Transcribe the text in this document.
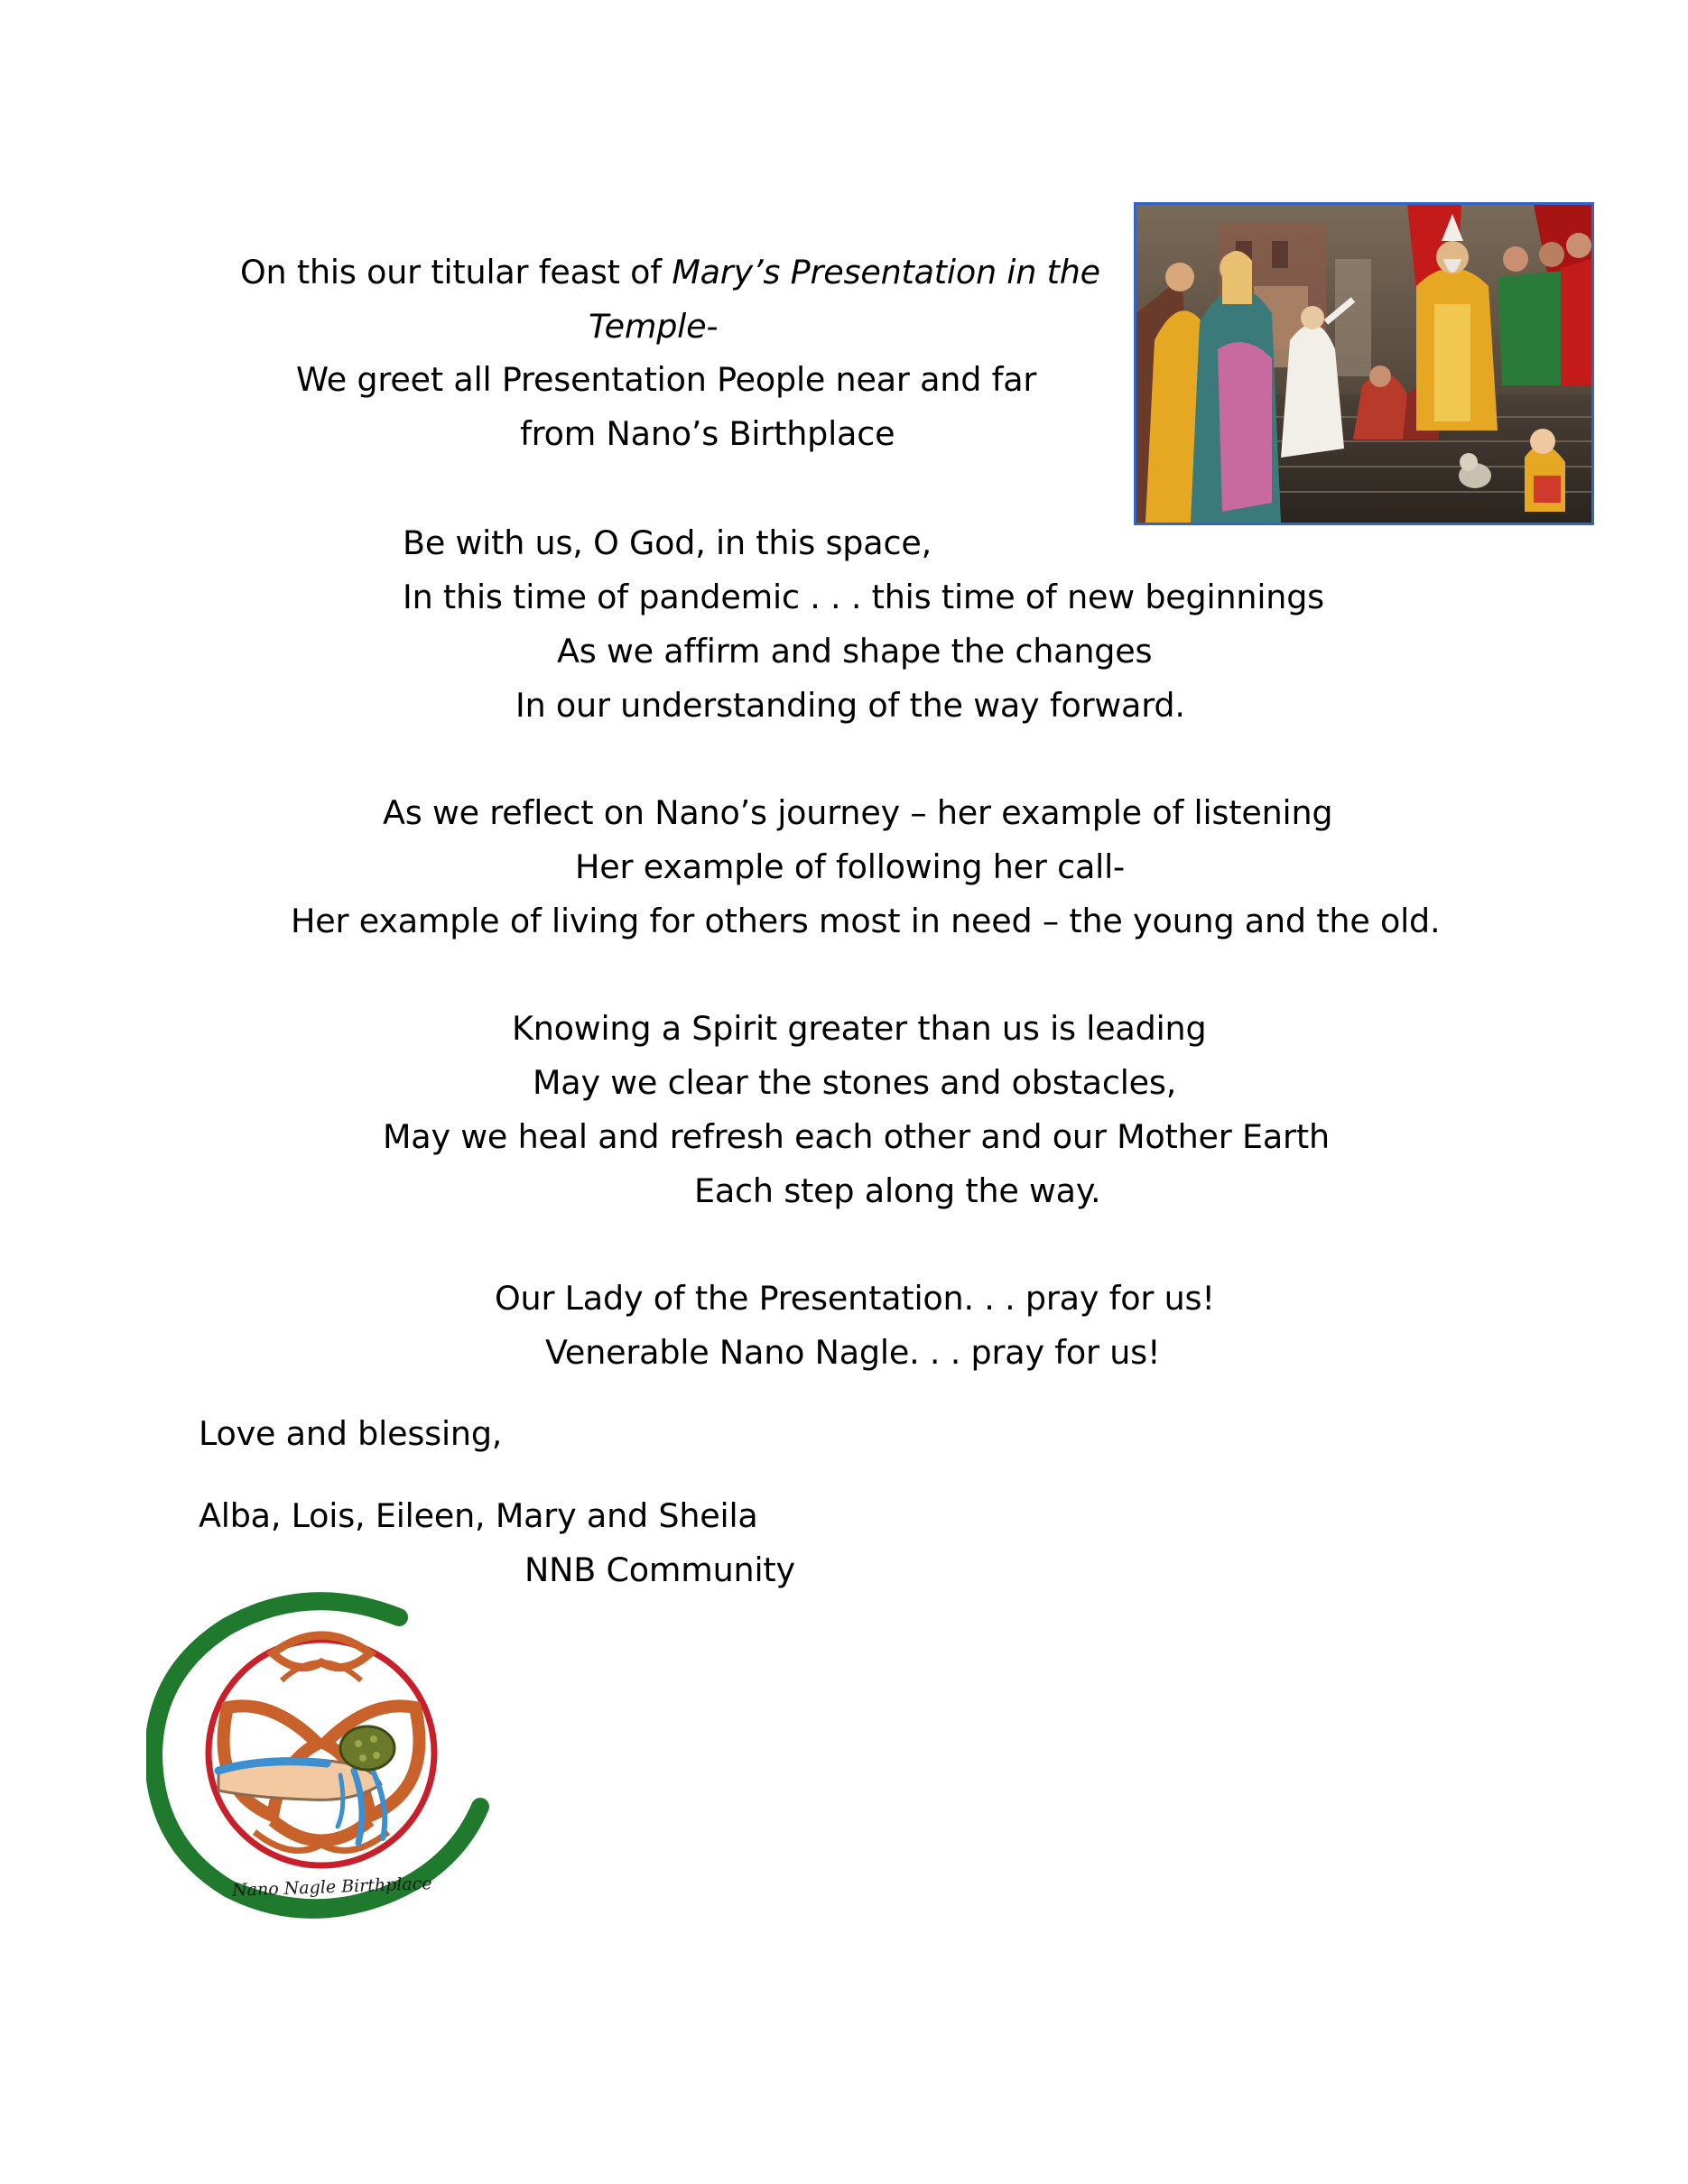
On this our titular feast of Mary’s Presentation in the
Temple-
We greet all Presentation People near and far
from Nano’s Birthplace
Be with us, O God, in this space,
In this time of pandemic . . . this time of new beginnings
As we affirm and shape the changes
In our understanding of the way forward.
As we reflect on Nano’s journey – her example of listening
Her example of following her call-
Her example of living for others most in need – the young and the old.
Knowing a Spirit greater than us is leading
May we clear the stones and obstacles,
May we heal and refresh each other and our Mother Earth
Each step along the way.
Our Lady of the Presentation. . . pray for us!
Venerable Nano Nagle. . . pray for us!
Love and blessing,
Alba, Lois, Eileen, Mary and Sheila
NNB Community
Nano Nagle Birthplace
